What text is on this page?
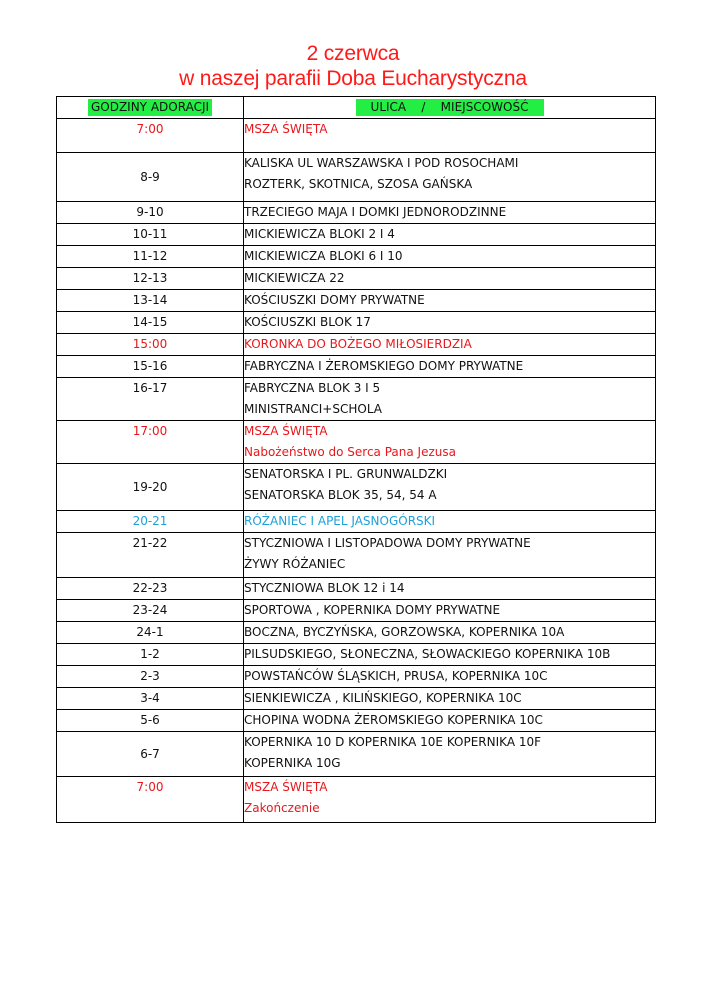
2 czerwca
w naszej parafii Doba Eucharystyczna
GODZINY ADORACJI	ULICA    /    MIEJSCOWOŚĆ
7:00	MSZA ŚWIĘTA

8-9	KALISKA UL WARSZAWSKA I POD ROSOCHAMI
ROZTERK, SKOTNICA, SZOSA GAŃSKA

9-10	TRZECIEGO MAJA I DOMKI JEDNORODZINNE

10-11	MICKIEWICZA BLOKI 2 I 4

11-12	MICKIEWICZA BLOKI 6 I 10

12-13	MICKIEWICZA 22

13-14	KOŚCIUSZKI DOMY PRYWATNE

14-15	KOŚCIUSZKI BLOK 17

15:00	KORONKA DO BOŻEGO MIŁOSIERDZIA

15-16	FABRYCZNA I ŻEROMSKIEGO DOMY PRYWATNE

16-17	FABRYCZNA BLOK 3 I 5
MINISTRANCI+SCHOLA

17:00	MSZA ŚWIĘTA
Nabożeństwo do Serca Pana Jezusa

19-20	SENATORSKA I PL. GRUNWALDZKI
SENATORSKA BLOK 35, 54, 54 A

20-21	RÓŻANIEC I APEL JASNOGÓRSKI

21-22	STYCZNIOWA I LISTOPADOWA DOMY PRYWATNE
ŻYWY RÓŻANIEC

22-23	STYCZNIOWA BLOK 12 i 14

23-24	SPORTOWA , KOPERNIKA DOMY PRYWATNE

24-1	BOCZNA, BYCZYŃSKA, GORZOWSKA, KOPERNIKA 10A

1-2	PILSUDSKIEGO, SŁONECZNA, SŁOWACKIEGO KOPERNIKA 10B

2-3	POWSTAŃCÓW ŚLĄSKICH, PRUSA, KOPERNIKA 10C

3-4	SIENKIEWICZA , KILIŃSKIEGO, KOPERNIKA 10C

5-6	CHOPINA WODNA ŻEROMSKIEGO KOPERNIKA 10C

6-7	KOPERNIKA 10 D KOPERNIKA 10E KOPERNIKA 10F
KOPERNIKA 10G

7:00	MSZA ŚWIĘTA
Zakończenie
